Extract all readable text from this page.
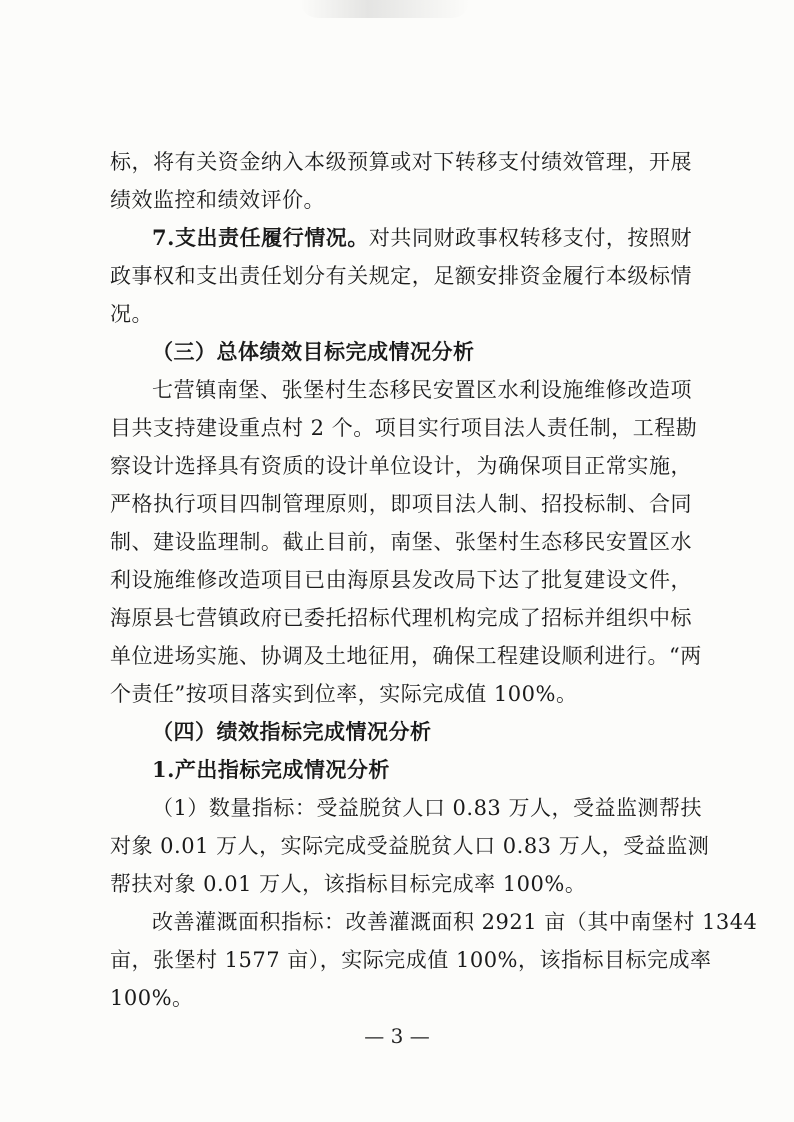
标，将有关资金纳入本级预算或对下转移支付绩效管理，开展

绩效监控和绩效评价。

7.支出责任履行情况。对共同财政事权转移支付，按照财

政事权和支出责任划分有关规定，足额安排资金履行本级标情

况。

（三）总体绩效目标完成情况分析

七营镇南堡、张堡村生态移民安置区水利设施维修改造项

目共支持建设重点村 2 个。项目实行项目法人责任制，工程勘

察设计选择具有资质的设计单位设计，为确保项目正常实施，

严格执行项目四制管理原则，即项目法人制、招投标制、合同

制、建设监理制。截止目前，南堡、张堡村生态移民安置区水

利设施维修改造项目已由海原县发改局下达了批复建设文件，

海原县七营镇政府已委托招标代理机构完成了招标并组织中标

单位进场实施、协调及土地征用，确保工程建设顺利进行。“两

个责任”按项目落实到位率，实际完成值 100%。

（四）绩效指标完成情况分析

1.产出指标完成情况分析

（1）数量指标：受益脱贫人口 0.83 万人，受益监测帮扶

对象 0.01 万人，实际完成受益脱贫人口 0.83 万人，受益监测

帮扶对象 0.01 万人，该指标目标完成率 100%。

改善灌溉面积指标：改善灌溉面积 2921 亩（其中南堡村 1344

亩，张堡村 1577 亩），实际完成值 100%，该指标目标完成率

100%。

— 3 —
